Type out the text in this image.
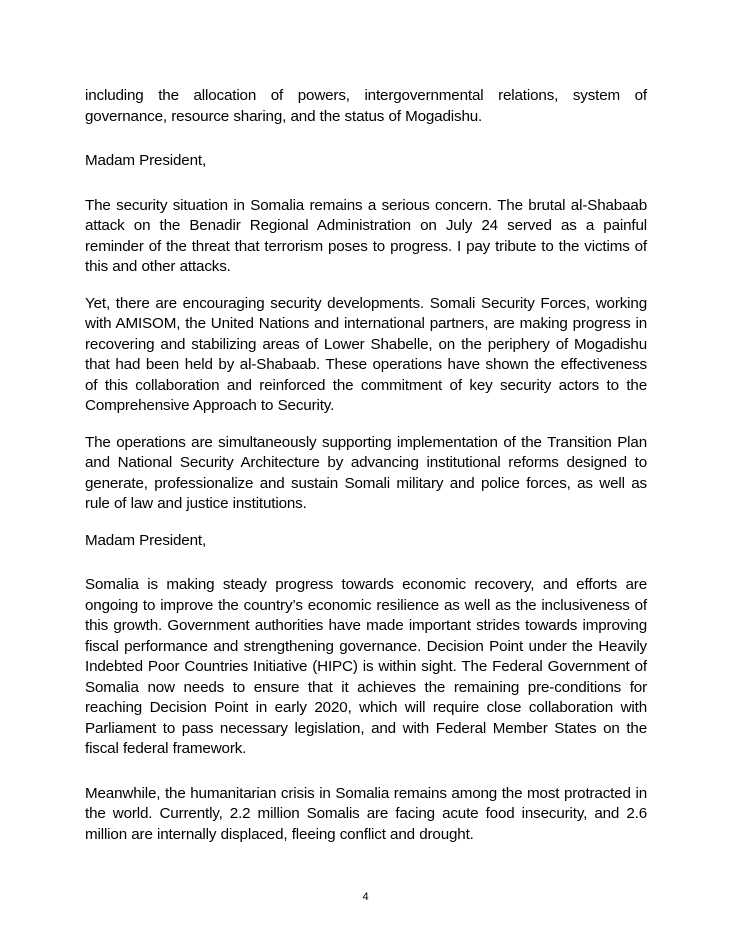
including the allocation of powers, intergovernmental relations, system of governance, resource sharing, and the status of Mogadishu.

Madam President,

The security situation in Somalia remains a serious concern. The brutal al-Shabaab attack on the Benadir Regional Administration on July 24 served as a painful reminder of the threat that terrorism poses to progress. I pay tribute to the victims of this and other attacks.

Yet, there are encouraging security developments. Somali Security Forces, working with AMISOM, the United Nations and international partners, are making progress in recovering and stabilizing areas of Lower Shabelle, on the periphery of Mogadishu that had been held by al-Shabaab. These operations have shown the effectiveness of this collaboration and reinforced the commitment of key security actors to the Comprehensive Approach to Security.

The operations are simultaneously supporting implementation of the Transition Plan and National Security Architecture by advancing institutional reforms designed to generate, professionalize and sustain Somali military and police forces, as well as rule of law and justice institutions.

Madam President,

Somalia is making steady progress towards economic recovery, and efforts are ongoing to improve the country’s economic resilience as well as the inclusiveness of this growth. Government authorities have made important strides towards improving fiscal performance and strengthening governance. Decision Point under the Heavily Indebted Poor Countries Initiative (HIPC) is within sight. The Federal Government of Somalia now needs to ensure that it achieves the remaining pre-conditions for reaching Decision Point in early 2020, which will require close collaboration with Parliament to pass necessary legislation, and with Federal Member States on the fiscal federal framework.

Meanwhile, the humanitarian crisis in Somalia remains among the most protracted in the world. Currently, 2.2 million Somalis are facing acute food insecurity, and 2.6 million are internally displaced, fleeing conflict and drought.

4
